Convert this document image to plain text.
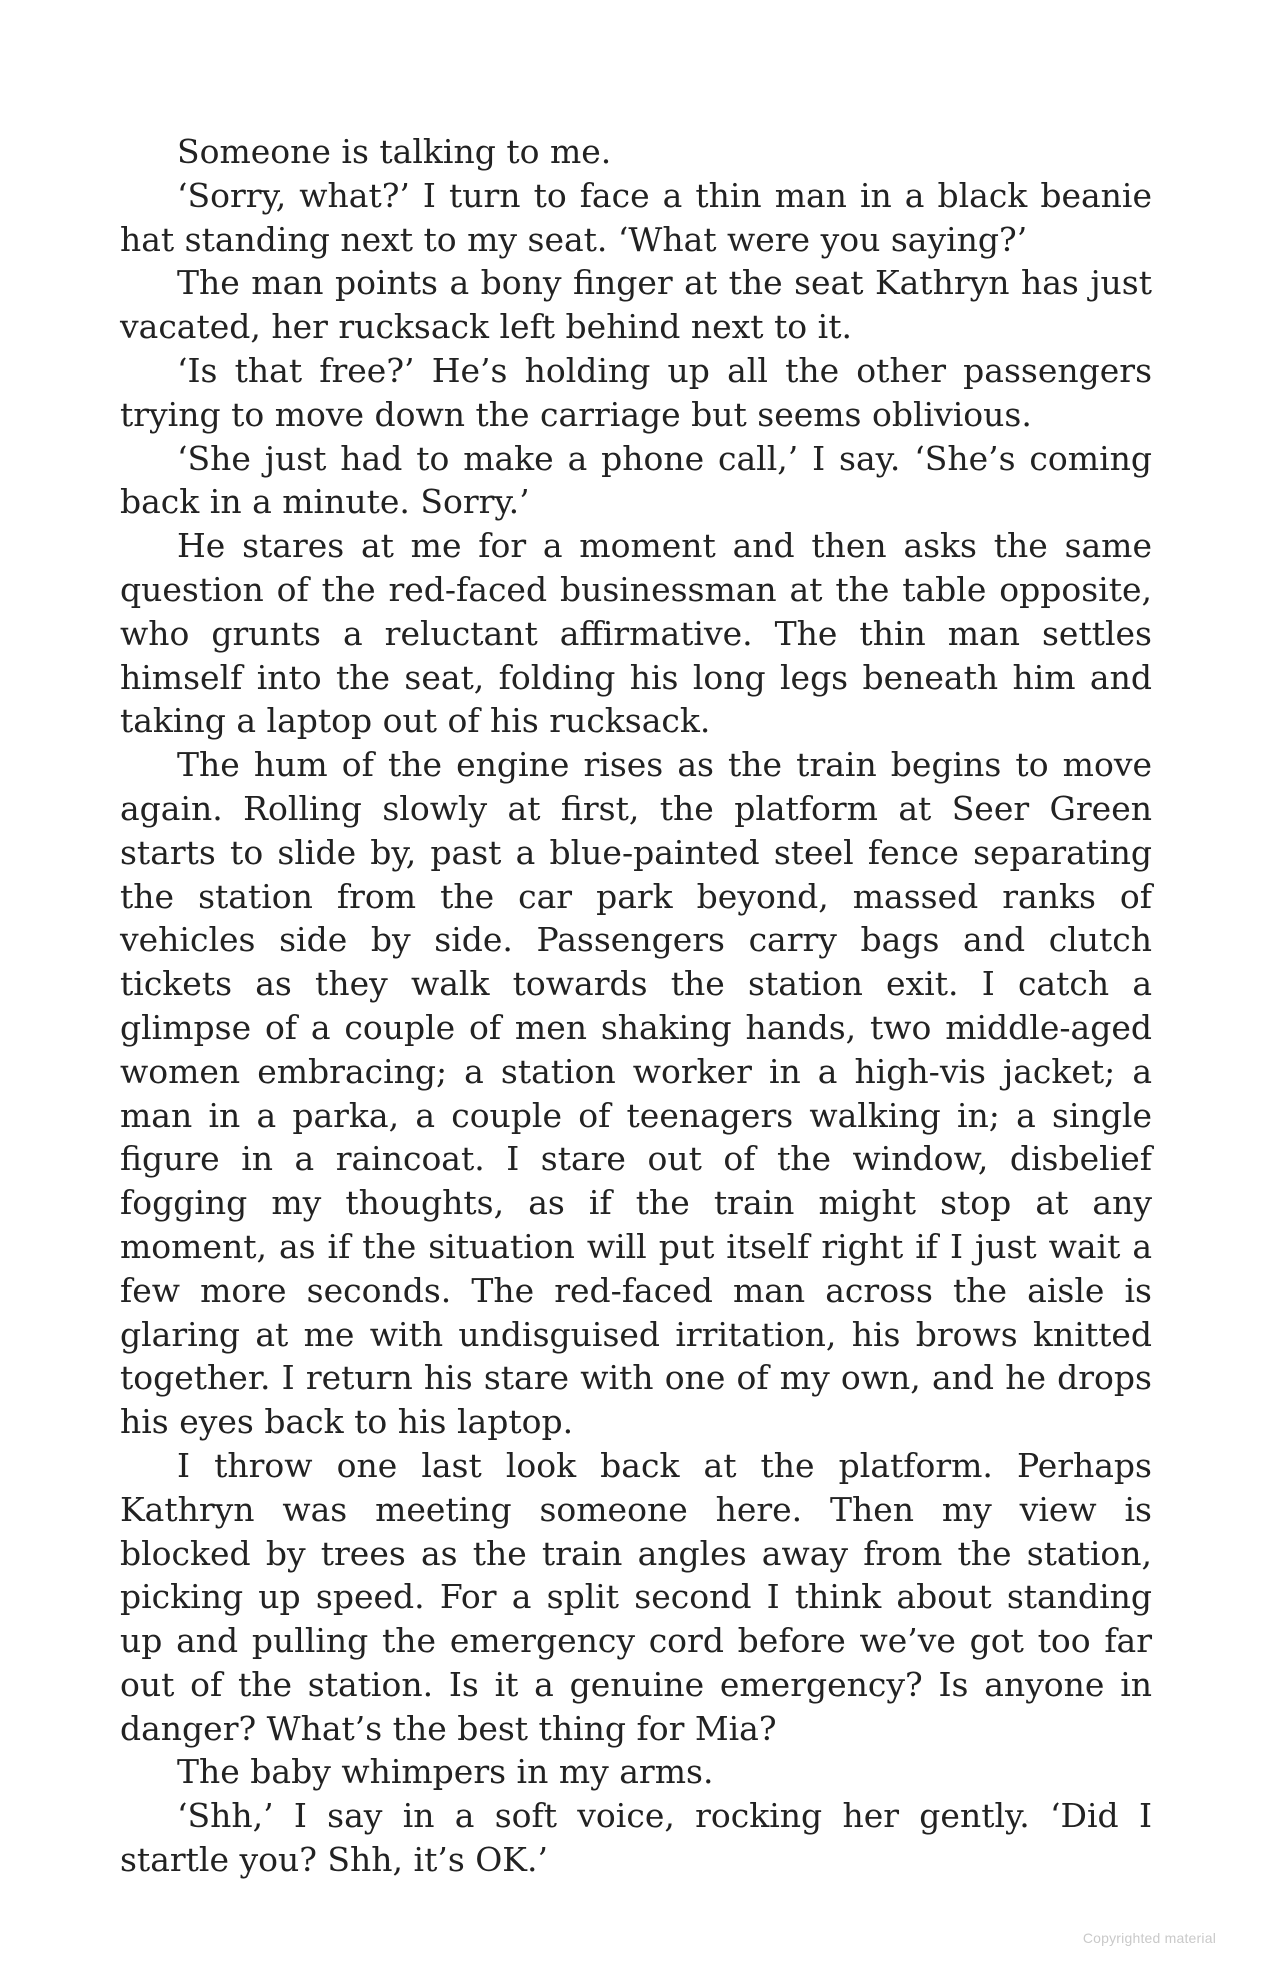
Someone is talking to me.

‘Sorry, what?’ I turn to face a thin man in a black beanie hat standing next to my seat. ‘What were you saying?’

The man points a bony finger at the seat Kathryn has just vacated, her rucksack left behind next to it.

‘Is that free?’ He’s holding up all the other passengers trying to move down the carriage but seems oblivious.

‘She just had to make a phone call,’ I say. ‘She’s coming back in a minute. Sorry.’

He stares at me for a moment and then asks the same question of the red-faced businessman at the table opposite, who grunts a reluctant affirmative. The thin man settles himself into the seat, folding his long legs beneath him and taking a laptop out of his rucksack.

The hum of the engine rises as the train begins to move again. Rolling slowly at first, the platform at Seer Green starts to slide by, past a blue-painted steel fence separating the station from the car park beyond, massed ranks of vehicles side by side. Passengers carry bags and clutch tickets as they walk towards the station exit. I catch a glimpse of a couple of men shaking hands, two middle-aged women embracing; a station worker in a high-vis jacket; a man in a parka, a couple of teenagers walking in; a single figure in a raincoat. I stare out of the window, disbelief fogging my thoughts, as if the train might stop at any moment, as if the situation will put itself right if I just wait a few more seconds. The red-faced man across the aisle is glaring at me with undisguised irritation, his brows knitted together. I return his stare with one of my own, and he drops his eyes back to his laptop.

I throw one last look back at the platform. Perhaps Kathryn was meeting someone here. Then my view is blocked by trees as the train angles away from the station, picking up speed. For a split second I think about standing up and pulling the emergency cord before we’ve got too far out of the station. Is it a genuine emergency? Is anyone in danger? What’s the best thing for Mia?

The baby whimpers in my arms.

‘Shh,’ I say in a soft voice, rocking her gently. ‘Did I startle you? Shh, it’s OK.’

Copyrighted material
